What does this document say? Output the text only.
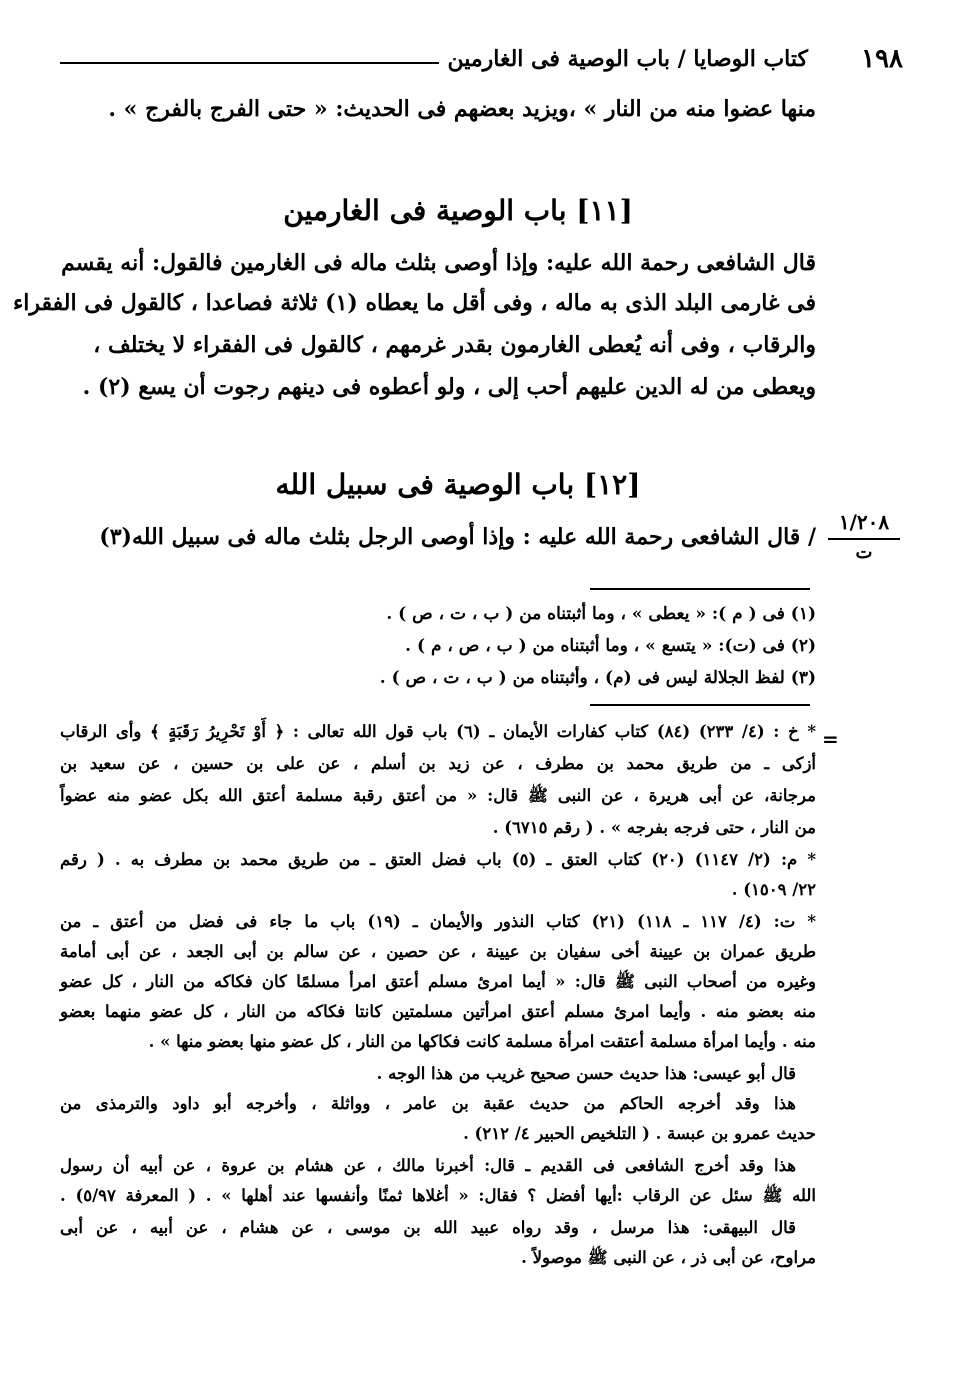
١٩٨
كتاب الوصايا / باب الوصية فى الغارمين
منها عضوا منه من النار » ،ويزيد بعضهم فى الحديث: « حتى الفرج بالفرج » .
[١١] باب الوصية فى الغارمين
قال الشافعى رحمة الله عليه: وإذا أوصى بثلث ماله فى الغارمين فالقول: أنه يقسم
فى غارمى البلد الذى به ماله ، وفى أقل ما يعطاه (١) ثلاثة فصاعدا ، كالقول فى الفقراء
والرقاب ، وفى أنه يُعطى الغارمون بقدر غرمهم ، كالقول فى الفقراء لا يختلف ،
ويعطى من له الدين عليهم أحب إلى ، ولو أعطوه فى دينهم رجوت أن يسع (٢) .
[١٢] باب الوصية فى سبيل الله
/ قال الشافعى رحمة الله عليه : وإذا أوصى الرجل بثلث ماله فى سبيل الله(٣)
١/٢٠٨
ت
(١) فى ( م ): « يعطى » ، وما أثبتناه من ( ب ، ت ، ص ) .
(٢) فى (ت): « يتسع » ، وما أثبتناه من ( ب ، ص ، م ) .
(٣) لفظ الجلالة ليس فى (م) ، وأثبتناه من ( ب ، ت ، ص ) .
=
* خ : (٤/ ٢٣٣) (٨٤) كتاب كفارات الأيمان ـ (٦) باب قول الله تعالى : ﴿ أَوْ تَحْرِيرُ رَقَبَةٍ ﴾ وأى الرقاب
أزكى ـ من طريق محمد بن مطرف ، عن زيد بن أسلم ، عن على بن حسين ، عن سعيد بن
مرجانة، عن أبى هريرة ، عن النبى ﷺ قال: « من أعتق رقبة مسلمة أعتق الله بكل عضو منه عضواً
من النار ، حتى فرجه بفرجه » . ( رقم ٦٧١٥) .
* م: (٢/ ١١٤٧) (٢٠) كتاب العتق ـ (٥) باب فضل العتق ـ من طريق محمد بن مطرف به . ( رقم
٢٢/ ١٥٠٩) .
* ت: (٤/ ١١٧ ـ ١١٨) (٢١) كتاب النذور والأيمان ـ (١٩) باب ما جاء فى فضل من أعتق ـ من
طريق عمران بن عيينة أخى سفيان بن عيينة ، عن حصين ، عن سالم بن أبى الجعد ، عن أبى أمامة
وغيره من أصحاب النبى ﷺ قال: « أيما امرئ مسلم أعتق امرأ مسلمًا كان فكاكه من النار ، كل عضو
منه بعضو منه . وأيما امرئ مسلم أعتق امرأتين مسلمتين كانتا فكاكه من النار ، كل عضو منهما بعضو
منه . وأيما امرأة مسلمة أعتقت امرأة مسلمة كانت فكاكها من النار ، كل عضو منها بعضو منها » .
قال أبو عيسى: هذا حديث حسن صحيح غريب من هذا الوجه .
هذا وقد أخرجه الحاكم من حديث عقبة بن عامر ، وواثلة ، وأخرجه أبو داود والترمذى من
حديث عمرو بن عبسة . ( التلخيص الحبير ٤/ ٢١٢) .
هذا وقد أخرج الشافعى فى القديم ـ قال: أخبرنا مالك ، عن هشام بن عروة ، عن أبيه أن رسول
الله ﷺ سئل عن الرقاب :أيها أفضل ؟ فقال: « أغلاها ثمنًا وأنفسها عند أهلها » . ( المعرفة ٥/٩٧) .
قال البيهقى: هذا مرسل ، وقد رواه عبيد الله بن موسى ، عن هشام ، عن أبيه ، عن أبى
مراوح، عن أبى ذر ، عن النبى ﷺ موصولاً .
